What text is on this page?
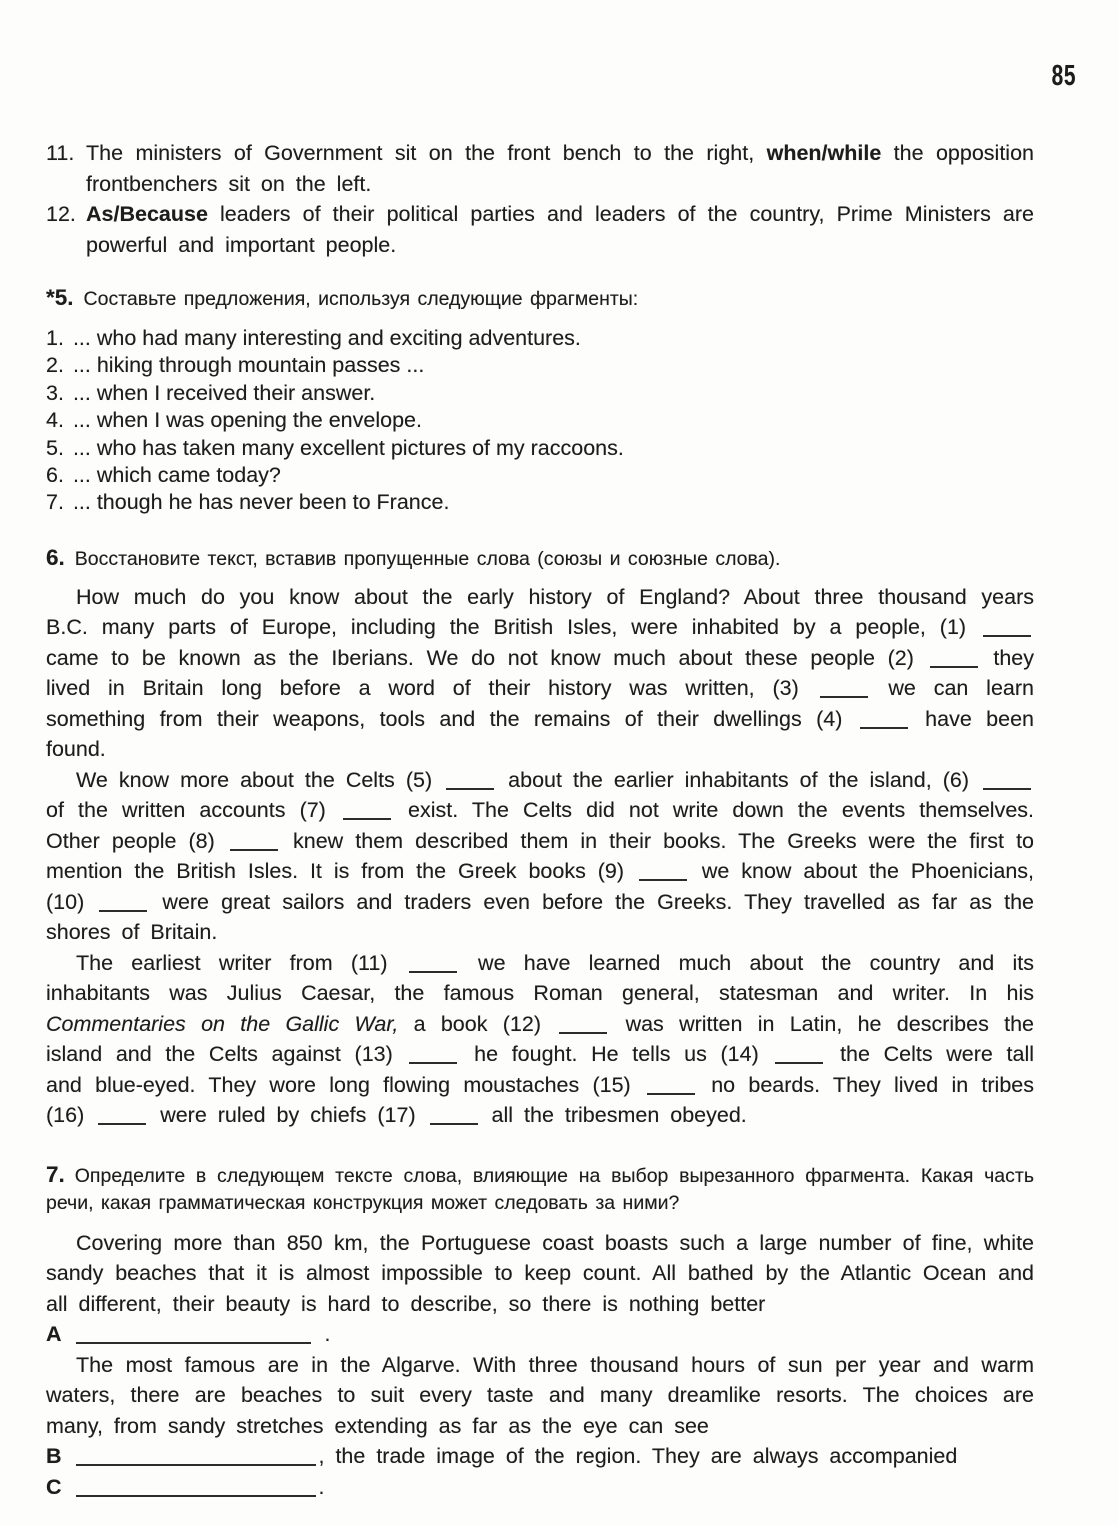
85
11. The ministers of Government sit on the front bench to the right, when/while the opposition frontbenchers sit on the left.

12. As/Because leaders of their political parties and leaders of the country, Prime Ministers are powerful and important people.

*5. Составьте предложения, используя следующие фрагменты:
1. ... who had many interesting and exciting adventures.
2. ... hiking through mountain passes ...
3. ... when I received their answer.
4. ... when I was opening the envelope.
5. ... who has taken many excellent pictures of my raccoons.
6. ... which came today?
7. ... though he has never been to France.
6. Восстановите текст, вставив пропущенные слова (союзы и союзные слова).

How much do you know about the early history of England? About three thousand years B.C. many parts of Europe, including the British Isles, were inhabited by a people, (1)  came to be known as the Iberians. We do not know much about these people (2)	they lived in Britain long before a word of their history was written, (3)	we can learn something from their weapons, tools and the remains of their dwellings (4)	have been found.

We know more about the Celts (5)	about the earlier inhabitants of the island, (6)  of the written accounts (7)	exist. The Celts did not write down the events themselves. Other people (8)	knew them described them in their books. The Greeks were the first to mention the British Isles. It is from the Greek books (9)	we know about the Phoenicians, (10)	were great sailors and traders even before the Greeks. They travelled as far as the shores of Britain.

The earliest writer from (11)	we have learned much about the country and its inhabitants was Julius Caesar, the famous Roman general, statesman and writer. In his Commentaries on the Gallic War, a book (12)	was written in Latin, he describes the island and the Celts against (13)	he fought. He tells us (14)	the Celts were tall and blue-eyed. They wore long flowing moustaches (15)	no beards. They lived in tribes (16)	were ruled by chiefs (17)	all the tribesmen obeyed.

7. Определите в следующем тексте слова, влияющие на выбор вырезанного фрагмента. Какая часть речи, какая грамматическая конструкция может следовать за ними?

Covering more than 850 km, the Portuguese coast boasts such a large number of fine, white sandy beaches that it is almost impossible to keep count. All bathed by the Atlantic Ocean and all different, their beauty is hard to describe, so there is nothing better
A	.

The most famous are in the Algarve. With three thousand hours of sun per year and warm waters, there are beaches to suit every taste and many dreamlike resorts. The choices are many, from sandy stretches extending as far as the eye can see
B	, the trade image of the region. They are always accompanied
C	.
